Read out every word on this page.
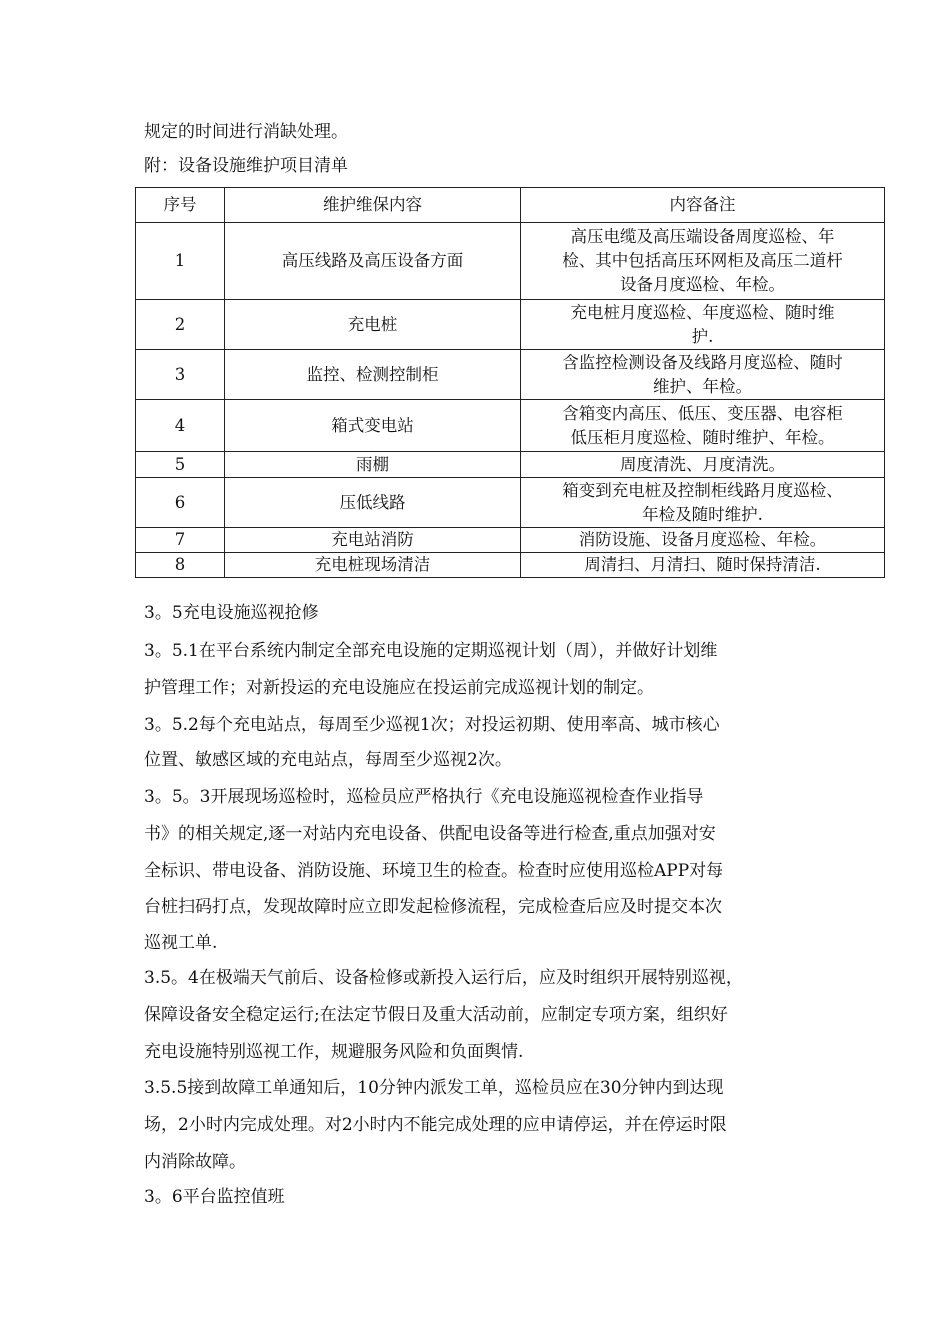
规定的时间进行消缺处理。
附：设备设施维护项目清单
序号	维护维保内容	内容备注
1	高压线路及高压设备方面	高压电缆及高压端设备周度巡检、年
检、其中包括高压环网柜及高压二道杆
设备月度巡检、年检。
2	充电桩	充电桩月度巡检、年度巡检、随时维
护.
3	监控、检测控制柜	含监控检测设备及线路月度巡检、随时
维护、年检。
4	箱式变电站	含箱变内高压、低压、变压器、电容柜
低压柜月度巡检、随时维护、年检。
5	雨棚	周度清洗、月度清洗。
6	压低线路	箱变到充电桩及控制柜线路月度巡检、
年检及随时维护.
7	充电站消防	消防设施、设备月度巡检、年检。
8	充电桩现场清洁	周清扫、月清扫、随时保持清洁.
3。5充电设施巡视抢修
3。5.1在平台系统内制定全部充电设施的定期巡视计划（周），并做好计划维
护管理工作；对新投运的充电设施应在投运前完成巡视计划的制定。
3。5.2每个充电站点，每周至少巡视1次；对投运初期、使用率高、城市核心
位置、敏感区域的充电站点，每周至少巡视2次。
3。5。3开展现场巡检时，巡检员应严格执行《充电设施巡视检查作业指导
书》的相关规定,逐一对站内充电设备、供配电设备等进行检查,重点加强对安
全标识、带电设备、消防设施、环境卫生的检查。检查时应使用巡检APP对每
台桩扫码打点，发现故障时应立即发起检修流程，完成检查后应及时提交本次
巡视工单.
3.5。4在极端天气前后、设备检修或新投入运行后，应及时组织开展特别巡视，
保障设备安全稳定运行;在法定节假日及重大活动前，应制定专项方案，组织好
充电设施特别巡视工作，规避服务风险和负面舆情.
3.5.5接到故障工单通知后，10分钟内派发工单，巡检员应在30分钟内到达现
场，2小时内完成处理。对2小时内不能完成处理的应申请停运，并在停运时限
内消除故障。
3。6平台监控值班
